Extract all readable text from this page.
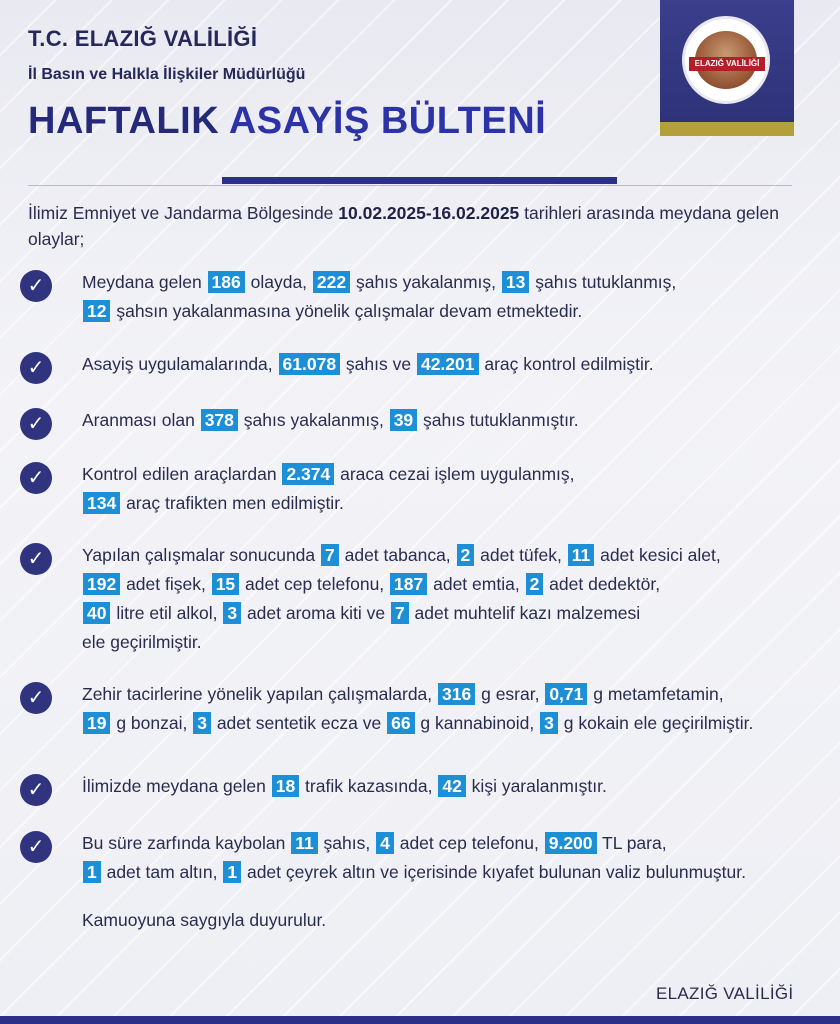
T.C. ELAZIĞ VALİLİĞİ
İl Basın ve Halkla İlişkiler Müdürlüğü
HAFTALIK ASAYİŞ BÜLTENİ
ELAZIĞ VALİLİĞİ
İlimiz Emniyet ve Jandarma Bölgesinde 10.02.2025-16.02.2025 tarihleri arasında meydana gelen olaylar;
✓	Meydana gelen 186 olayda, 222 şahıs yakalanmış, 13 şahıs tutuklanmış,
12 şahsın yakalanmasına yönelik çalışmalar devam etmektedir.
✓	Asayiş uygulamalarında, 61.078 şahıs ve 42.201 araç kontrol edilmiştir.
✓	Aranması olan 378 şahıs yakalanmış, 39 şahıs tutuklanmıştır.
✓	Kontrol edilen araçlardan 2.374 araca cezai işlem uygulanmış,
134 araç trafikten men edilmiştir.
✓	Yapılan çalışmalar sonucunda 7 adet tabanca, 2 adet tüfek, 11 adet kesici alet,
192 adet fişek, 15 adet cep telefonu, 187 adet emtia, 2 adet dedektör,
40 litre etil alkol, 3 adet aroma kiti ve 7 adet muhtelif kazı malzemesi
ele geçirilmiştir.
✓	Zehir tacirlerine yönelik yapılan çalışmalarda, 316 g esrar, 0,71 g metamfetamin,
19 g bonzai, 3 adet sentetik ecza ve 66 g kannabinoid, 3 g kokain ele geçirilmiştir.
✓	İlimizde meydana gelen 18 trafik kazasında, 42 kişi yaralanmıştır.
✓	Bu süre zarfında kaybolan 11 şahıs, 4 adet cep telefonu, 9.200 TL para,
1 adet tam altın, 1 adet çeyrek altın ve içerisinde kıyafet bulunan valiz bulunmuştur.
Kamuoyuna saygıyla duyurulur.
ELAZIĞ VALİLİĞİ
